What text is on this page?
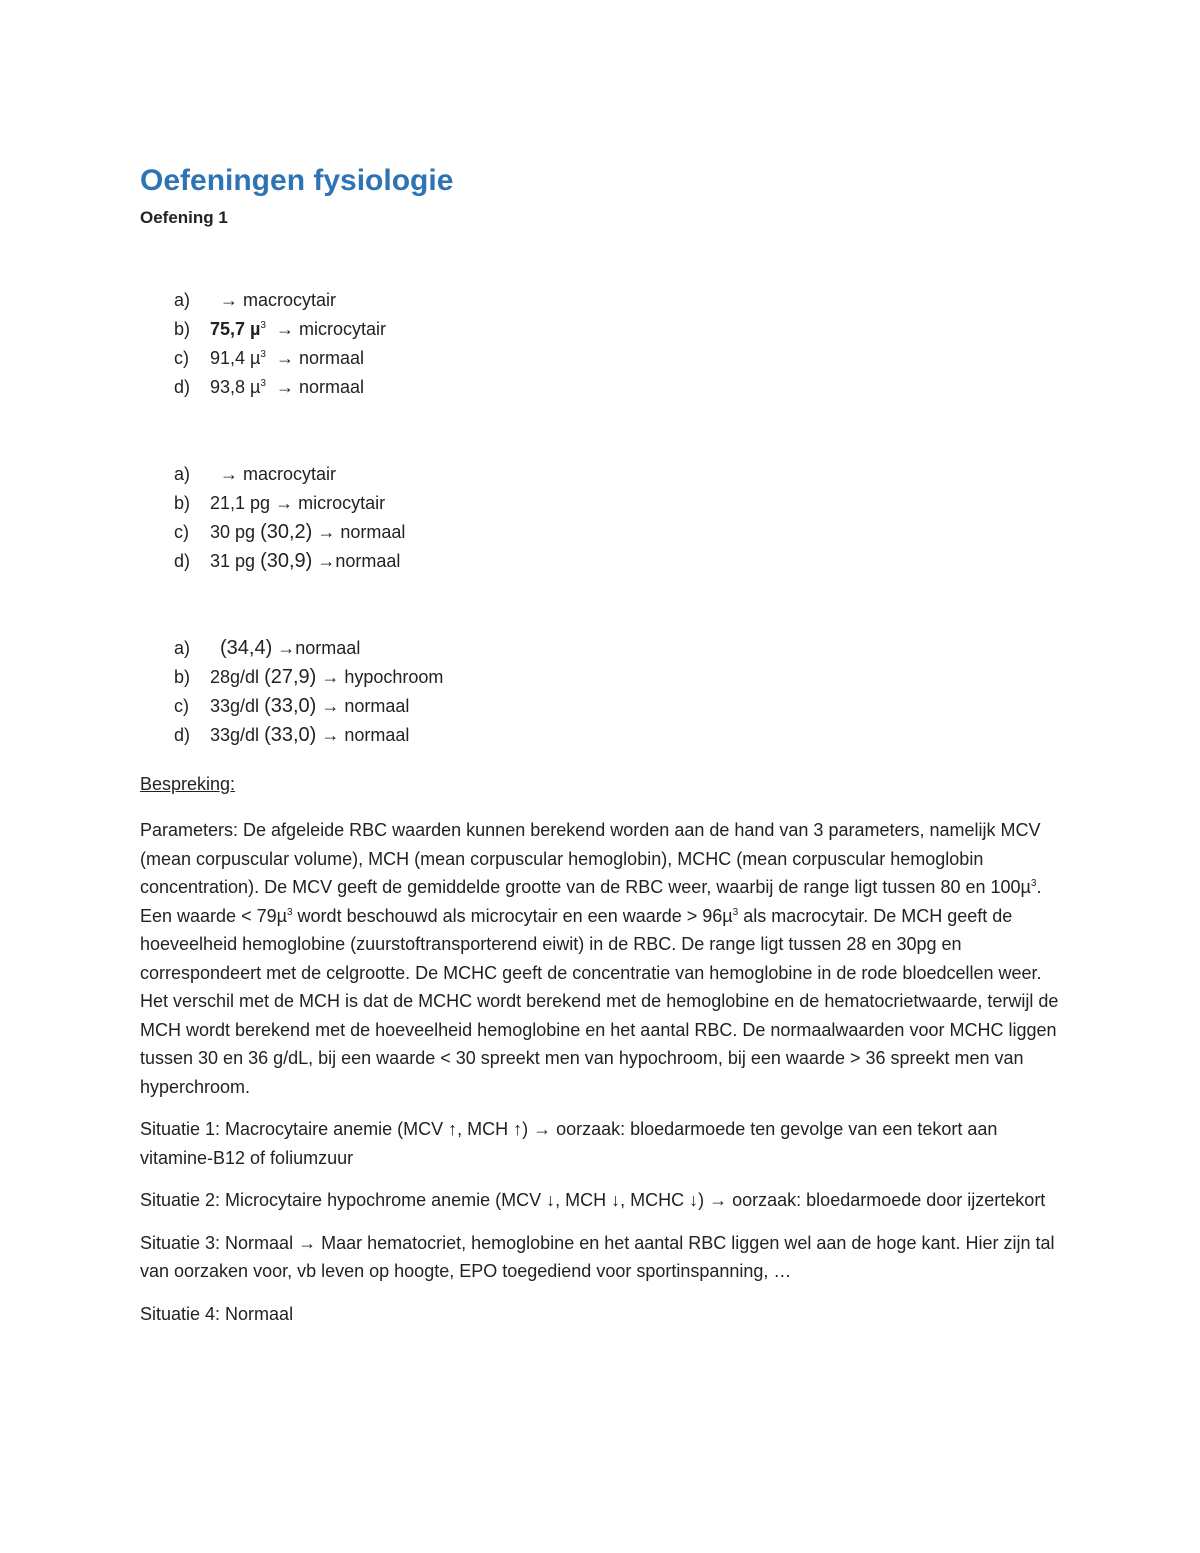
Oefeningen fysiologie

Oefening 1

a)	→ macrocytair
b)	75,7 µ$^3$ → microcytair
c)	91,4 µ$^3$ → normaal
d)	93,8 µ$^3$ → normaal
a)	→ macrocytair
b)	21,1 pg → microcytair
c)	30 pg (30,2) → normaal
d)	31 pg (30,9) →normaal
a)	(34,4) →normaal
b)	28g/dl (27,9) → hypochroom
c)	33g/dl (33,0) → normaal
d)	33g/dl (33,0) → normaal

Bespreking:

Parameters: De afgeleide RBC waarden kunnen berekend worden aan de hand van 3 parameters, namelijk MCV (mean corpuscular volume), MCH (mean corpuscular hemoglobin), MCHC (mean corpuscular hemoglobin concentration). De MCV geeft de gemiddelde grootte van de RBC weer, waarbij de range ligt tussen 80 en 100µ$^3$. Een waarde < 79µ$^3$ wordt beschouwd als microcytair en een waarde > 96µ$^3$ als macrocytair. De MCH geeft de hoeveelheid hemoglobine (zuurstoftransporterend eiwit) in de RBC. De range ligt tussen 28 en 30pg en correspondeert met de celgrootte. De MCHC geeft de concentratie van hemoglobine in de rode bloedcellen weer. Het verschil met de MCH is dat de MCHC wordt berekend met de hemoglobine en de hematocrietwaarde, terwijl de MCH wordt berekend met de hoeveelheid hemoglobine en het aantal RBC. De normaalwaarden voor MCHC liggen tussen 30 en 36 g/dL, bij een waarde < 30 spreekt men van hypochroom, bij een waarde > 36 spreekt men van hyperchroom.

Situatie 1: Macrocytaire anemie (MCV ↑, MCH ↑) → oorzaak: bloedarmoede ten gevolge van een tekort aan vitamine-B12 of foliumzuur

Situatie 2: Microcytaire hypochrome anemie (MCV ↓, MCH ↓, MCHC ↓) → oorzaak: bloedarmoede door ijzertekort

Situatie 3: Normaal → Maar hematocriet, hemoglobine en het aantal RBC liggen wel aan de hoge kant. Hier zijn tal van oorzaken voor, vb leven op hoogte, EPO toegediend voor sportinspanning, …

Situatie 4: Normaal
